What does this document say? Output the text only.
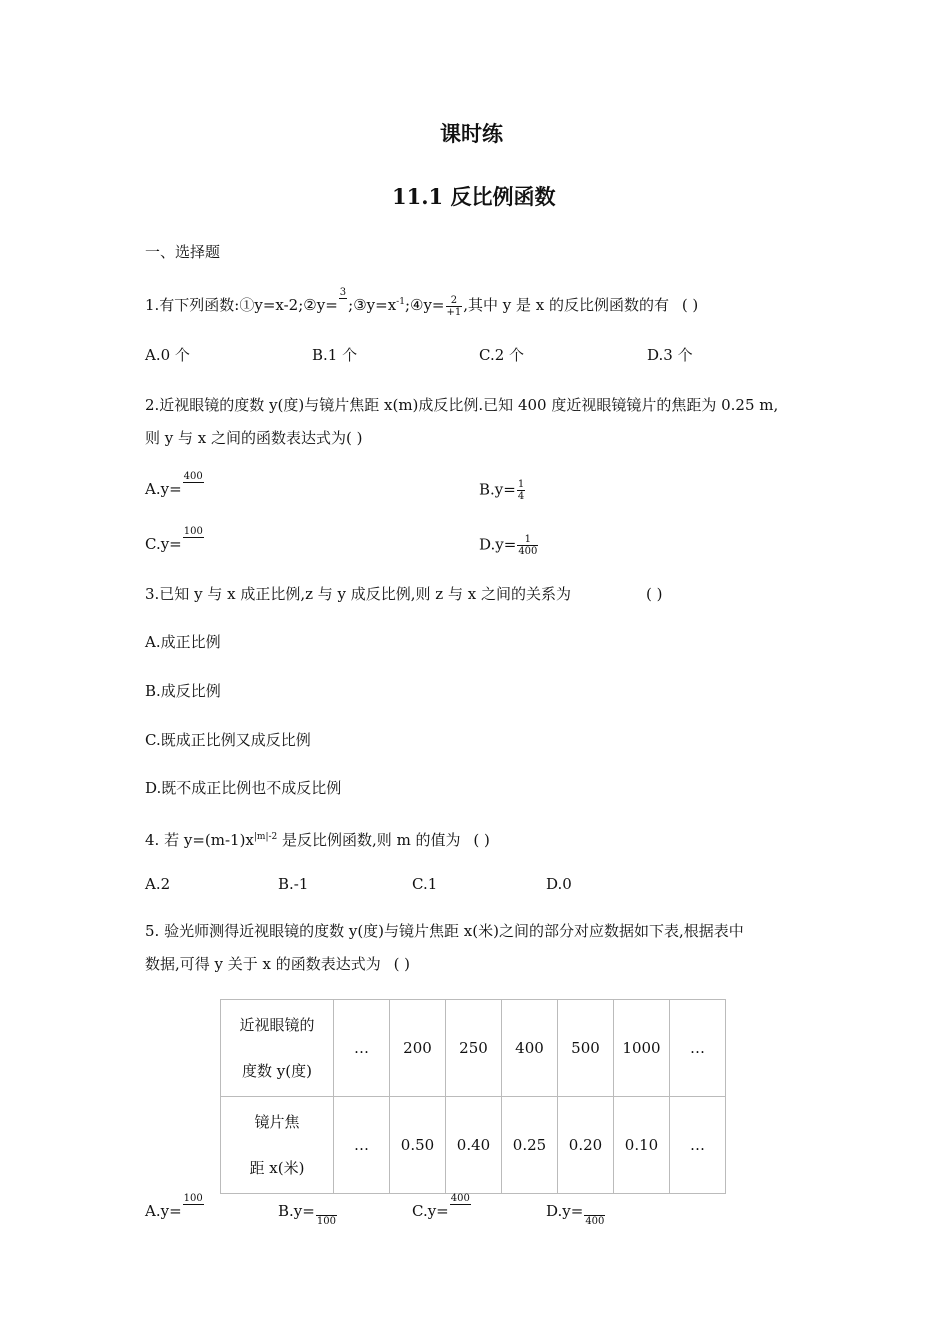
课时练
11.1 反比例函数
一、选择题
1.有下列函数:①y=x-2;②y=
3
$;③y=x^{-1};④y= \frac{2}{+1}$ ,其中 y 是 x 的反比例函数的有 ( )
A.0 个	B.1 个	C.2 个	D.3 个
2.近视眼镜的度数 y(度)与镜片焦距 x(m)成反比例.已知 400 度近视眼镜镜片的焦距为 0.25 m,
则 y 与 x 之间的函数表达式为( )
A.y=
400
$B.y= \frac{1}{4}$
C.y=
100
$D.y= \frac{1}{400}$
3.已知 y 与 x 成正比例,z 与 y 成反比例,则 z 与 x 之间的关系为	( )
A.成正比例
B.成反比例
C.既成正比例又成反比例
D.既不成正比例也不成反比例
4. 若 $y=(m-1)x^{|m|-2}$ 是反比例函数,则 m 的值为 ( )
A.2	B.-1	C.1	D.0
5. 验光师测得近视眼镜的度数 y(度)与镜片焦距 x(米)之间的部分对应数据如下表,根据表中
数据,可得 y 关于 x 的函数表达式为 ( )
近视眼镜的
度数 y(度)	…	200	250	400	500	1000	…
镜片焦
距 x(米)	…	0.50	0.40	0.25	0.20	0.10	…
A.y=
100
B.y=
100
C.y=
400
D.y=
400
